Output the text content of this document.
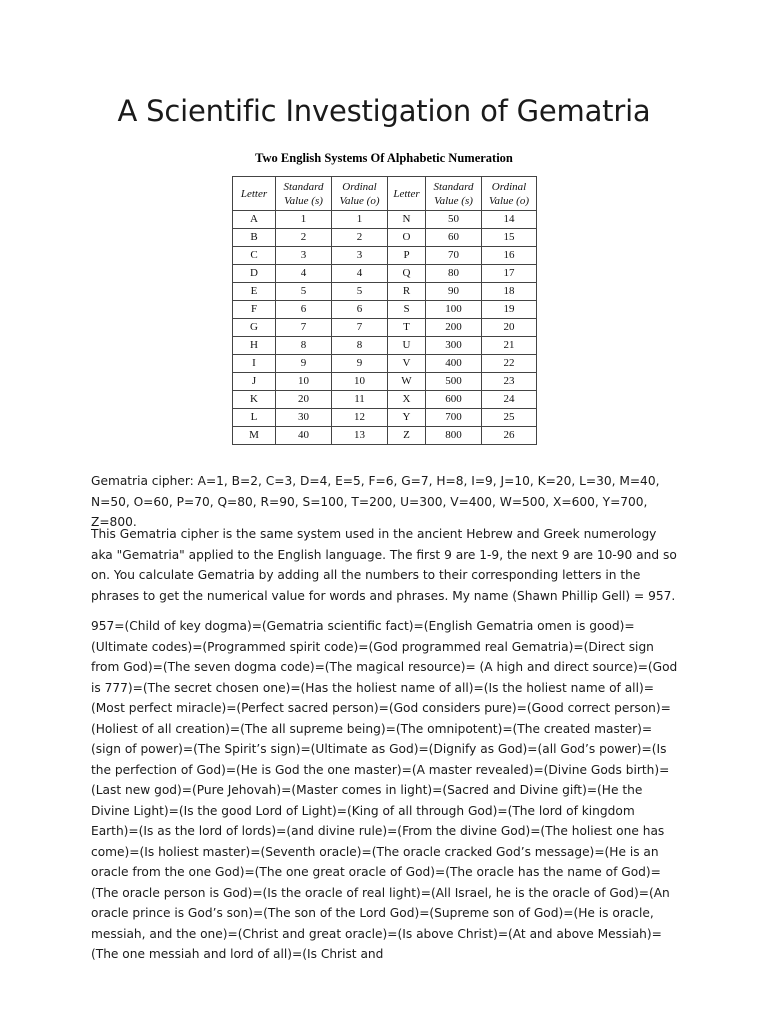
A Scientific Investigation of Gematria
Two English Systems Of Alphabetic Numeration
Letter	Standard Value (s)	Ordinal Value (o)	Letter	Standard Value (s)	Ordinal Value (o)
A	1	1	N	50	14
B	2	2	O	60	15
C	3	3	P	70	16
D	4	4	Q	80	17
E	5	5	R	90	18
F	6	6	S	100	19
G	7	7	T	200	20
H	8	8	U	300	21
I	9	9	V	400	22
J	10	10	W	500	23
K	20	11	X	600	24
L	30	12	Y	700	25
M	40	13	Z	800	26

Gematria cipher: A=1, B=2, C=3, D=4, E=5, F=6, G=7, H=8, I=9, J=10, K=20, L=30, M=40, N=50, O=60, P=70, Q=80, R=90, S=100, T=200, U=300, V=400, W=500, X=600, Y=700, Z=800.

This Gematria cipher is the same system used in the ancient Hebrew and Greek numerology aka "Gematria" applied to the English language. The first 9 are 1-9, the next 9 are 10-90 and so on. You calculate Gematria by adding all the numbers to their corresponding letters in the phrases to get the numerical value for words and phrases. My name (Shawn Phillip Gell) = 957.

957=(Child of key dogma)=(Gematria scientific fact)=(English Gematria omen is good)=(Ultimate codes)=(Programmed spirit code)=(God programmed real Gematria)=(Direct sign from God)=(The seven dogma code)=(The magical resource)= (A high and direct source)=(God is 777)=(The secret chosen one)=(Has the holiest name of all)=(Is the holiest name of all)=(Most perfect miracle)=(Perfect sacred person)=(God considers pure)=(Good correct person)=(Holiest of all creation)=(The all supreme being)=(The omnipotent)=(The created master)=(sign of power)=(The Spirit’s sign)=(Ultimate as God)=(Dignify as God)=(all God’s power)=(Is the perfection of God)=(He is God the one master)=(A master revealed)=(Divine Gods birth)=(Last new god)=(Pure Jehovah)=(Master comes in light)=(Sacred and Divine gift)=(He the Divine Light)=(Is the good Lord of Light)=(King of all through God)=(The lord of kingdom Earth)=(Is as the lord of lords)=(and divine rule)=(From the divine God)=(The holiest one has come)=(Is holiest master)=(Seventh oracle)=(The oracle cracked God’s message)=(He is an oracle from the one God)=(The one great oracle of God)=(The oracle has the name of God)=(The oracle person is God)=(Is the oracle of real light)=(All Israel, he is the oracle of God)=(An oracle prince is God’s son)=(The son of the Lord God)=(Supreme son of God)=(He is oracle, messiah, and the one)=(Christ and great oracle)=(Is above Christ)=(At and above Messiah)=(The one messiah and lord of all)=(Is Christ and
